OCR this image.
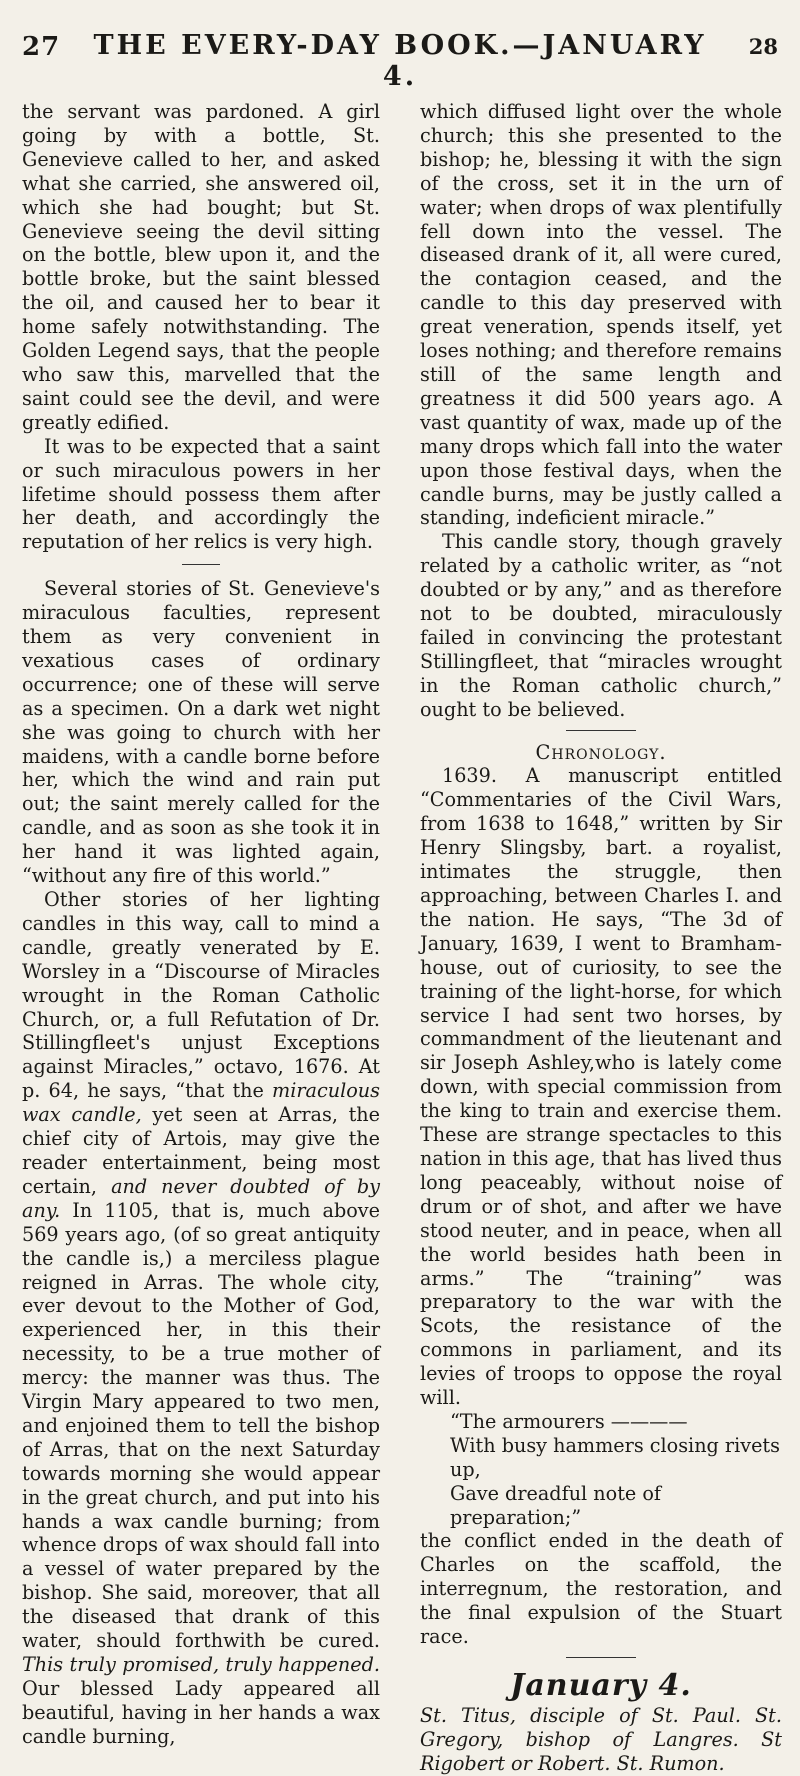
27 THE EVERY-DAY BOOK.—JANUARY 4.
28

the servant was pardoned. A girl going by with a bottle, St. Genevieve called to her, and asked what she carried, she answered oil, which she had bought; but St. Genevieve seeing the devil sitting on the bottle, blew upon it, and the bottle broke, but the saint blessed the oil, and caused her to bear it home safely notwithstanding. The Golden Legend says, that the people who saw this, marvelled that the saint could see the devil, and were greatly edified.

It was to be expected that a saint or such miraculous powers in her lifetime should possess them after her death, and accordingly the reputation of her relics is very high.

Several stories of St. Genevieve's miraculous faculties, represent them as very convenient in vexatious cases of ordinary occurrence; one of these will serve as a specimen. On a dark wet night she was going to church with her maidens, with a candle borne before her, which the wind and rain put out; the saint merely called for the candle, and as soon as she took it in her hand it was lighted again, “without any fire of this world.”

Other stories of her lighting candles in this way, call to mind a candle, greatly venerated by E. Worsley in a “Discourse of Miracles wrought in the Roman Catholic Church, or, a full Refutation of Dr. Stillingfleet's unjust Exceptions against Miracles,” octavo, 1676. At p. 64, he says, “that the miraculous wax candle, yet seen at Arras, the chief city of Artois, may give the reader entertainment, being most certain, and never doubted of by any. In 1105, that is, much above 569 years ago, (of so great antiquity the candle is,) a merciless plague reigned in Arras. The whole city, ever devout to the Mother of God, experienced her, in this their necessity, to be a true mother of mercy: the manner was thus. The Virgin Mary appeared to two men, and enjoined them to tell the bishop of Arras, that on the next Saturday towards morning she would appear in the great church, and put into his hands a wax candle burning; from whence drops of wax should fall into a vessel of water prepared by the bishop. She said, moreover, that all the diseased that drank of this water, should forthwith be cured. This truly promised, truly happened. Our blessed Lady appeared all beautiful, having in her hands a wax candle burning,

which diffused light over the whole church; this she presented to the bishop; he, blessing it with the sign of the cross, set it in the urn of water; when drops of wax plentifully fell down into the vessel. The diseased drank of it, all were cured, the contagion ceased, and the candle to this day preserved with great veneration, spends itself, yet loses nothing; and therefore remains still of the same length and greatness it did 500 years ago. A vast quantity of wax, made up of the many drops which fall into the water upon those festival days, when the candle burns, may be justly called a standing, indeficient miracle.”

This candle story, though gravely related by a catholic writer, as “not doubted or by any,” and as therefore not to be doubted, miraculously failed in convincing the protestant Stillingfleet, that “miracles wrought in the Roman catholic church,” ought to be believed.

Chronology.

1639. A manuscript entitled “Commentaries of the Civil Wars, from 1638 to 1648,” written by Sir Henry Slingsby, bart. a royalist, intimates the struggle, then approaching, between Charles I. and the nation. He says, “The 3d of January, 1639, I went to Bramham-house, out of curiosity, to see the training of the light-horse, for which service I had sent two horses, by commandment of the lieutenant and sir Joseph Ashley,who is lately come down, with special commission from the king to train and exercise them. These are strange spectacles to this nation in this age, that has lived thus long peaceably, without noise of drum or of shot, and after we have stood neuter, and in peace, when all the world besides hath been in arms.” The “training” was preparatory to the war with the Scots, the resistance of the commons in parliament, and its levies of troops to oppose the royal will.

“The armourers ————

With busy hammers closing rivets up,

Gave dreadful note of preparation;”

the conflict ended in the death of Charles on the scaffold, the interregnum, the restoration, and the final expulsion of the Stuart race.

January 4.

St. Titus, disciple of St. Paul. St. Gregory, bishop of Langres. St Rigobert or Robert. St. Rumon.
